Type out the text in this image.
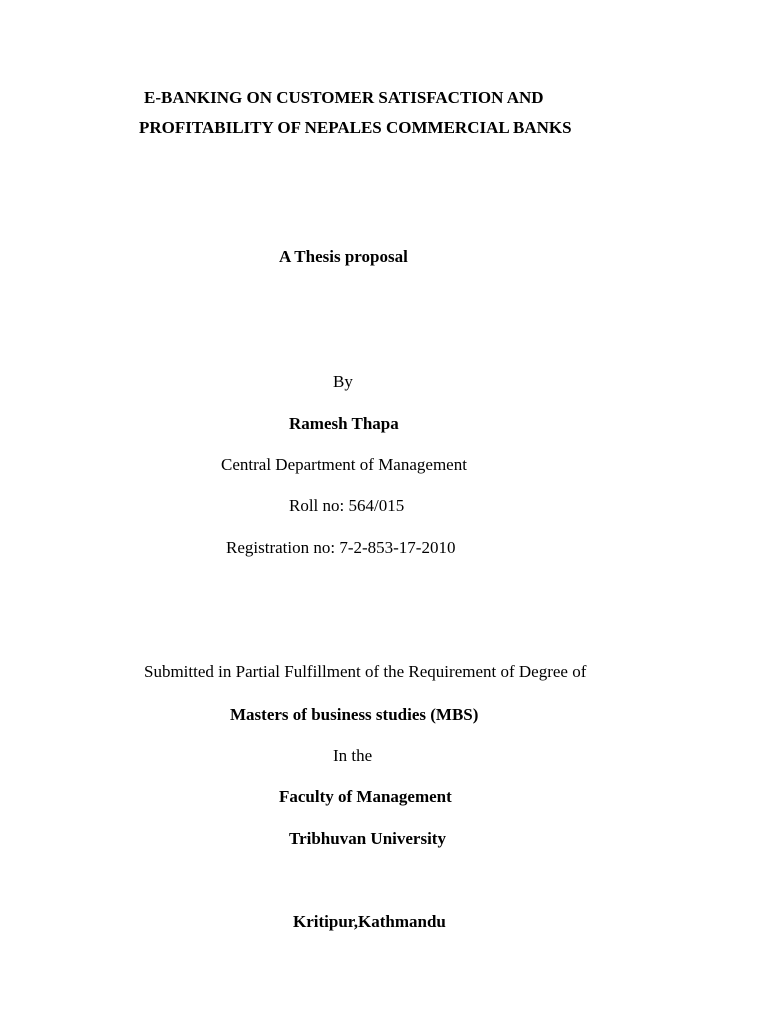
E-BANKING ON CUSTOMER SATISFACTION AND
PROFITABILITY OF NEPALES COMMERCIAL BANKS
A Thesis proposal
By
Ramesh Thapa
Central Department of Management
Roll no: 564/015
Registration no: 7-2-853-17-2010
Submitted in Partial Fulfillment of the Requirement of Degree of
Masters of business studies (MBS)
In the
Faculty of Management
Tribhuvan University
Kritipur,Kathmandu
